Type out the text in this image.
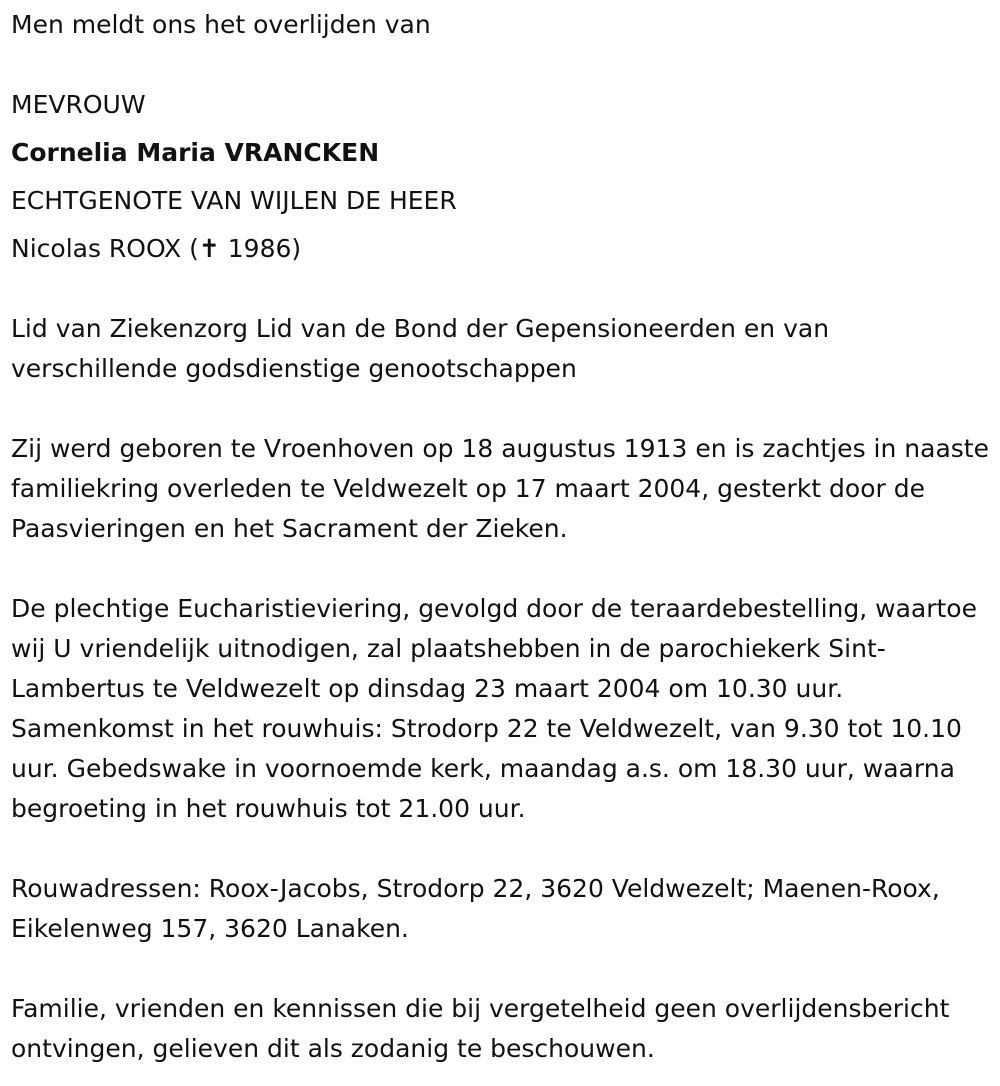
Men meldt ons het overlijden van

MEVROUW

Cornelia Maria VRANCKEN

ECHTGENOTE VAN WIJLEN DE HEER

Nicolas ROOX (✝ 1986)

Lid van Ziekenzorg Lid van de Bond der Gepensioneerden en van verschillende godsdienstige genootschappen

Zij werd geboren te Vroenhoven op 18 augustus 1913 en is zachtjes in naaste familiekring overleden te Veldwezelt op 17 maart 2004, gesterkt door de Paasvieringen en het Sacrament der Zieken.

De plechtige Eucharistieviering, gevolgd door de teraardebestelling, waartoe wij U vriendelijk uitnodigen, zal plaatshebben in de parochiekerk Sint-Lambertus te Veldwezelt op dinsdag 23 maart 2004 om 10.30 uur. Samenkomst in het rouwhuis: Strodorp 22 te Veldwezelt, van 9.30 tot 10.10 uur. Gebedswake in voornoemde kerk, maandag a.s. om 18.30 uur, waarna begroeting in het rouwhuis tot 21.00 uur.

Rouwadressen: Roox-Jacobs, Strodorp 22, 3620 Veldwezelt; Maenen-Roox, Eikelenweg 157, 3620 Lanaken.

Familie, vrienden en kennissen die bij vergetelheid geen overlijdensbericht ontvingen, gelieven dit als zodanig te beschouwen.
